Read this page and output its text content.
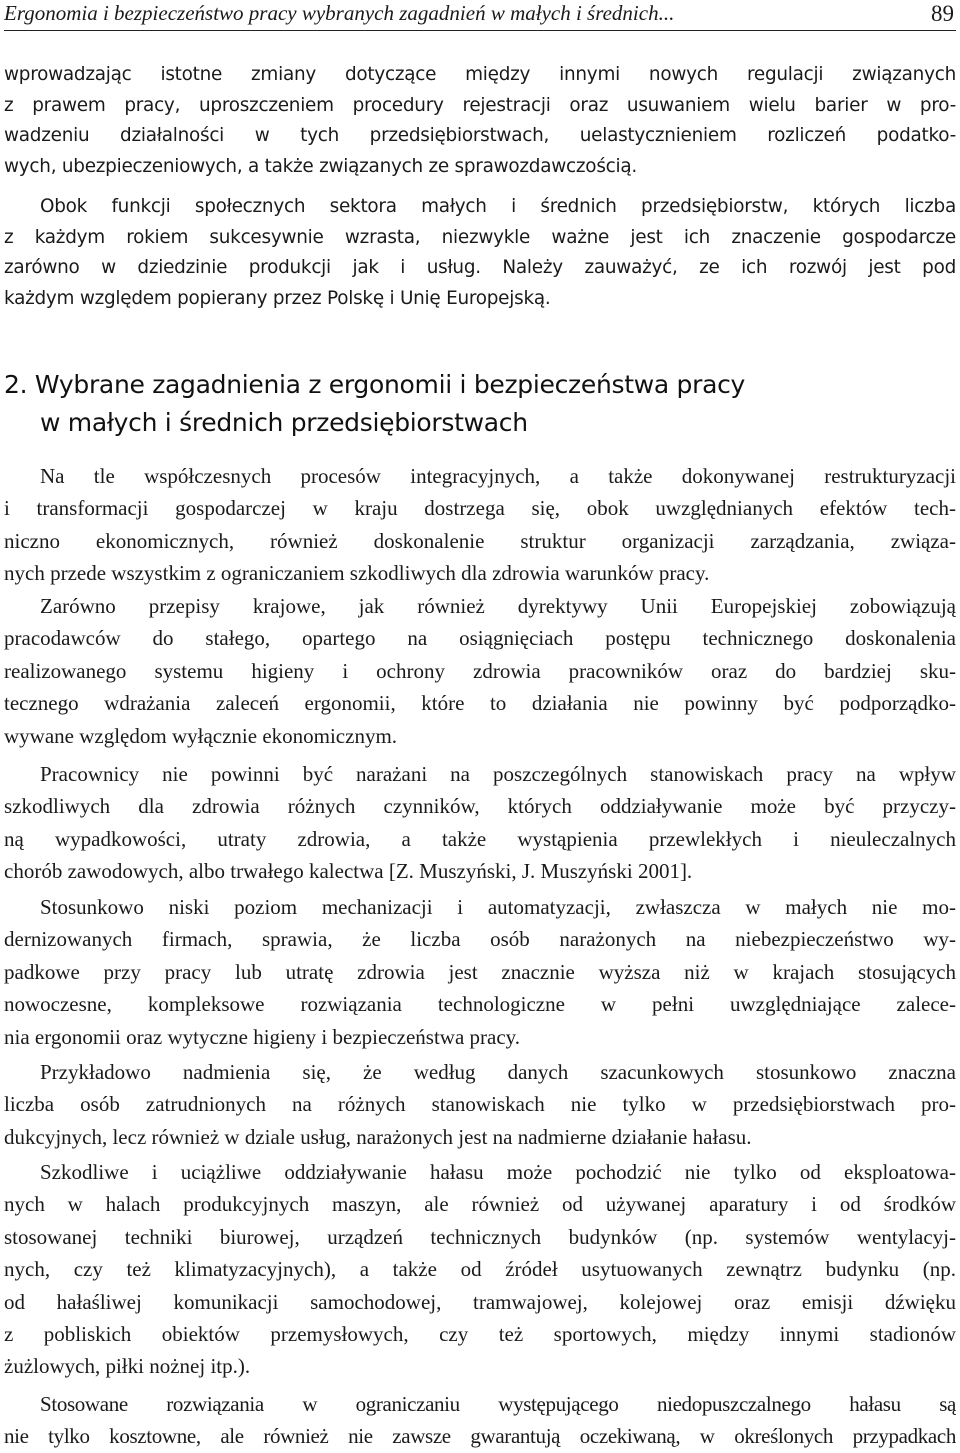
Ergonomia i bezpieczeństwo pracy wybranych zagadnień w małych i średnich...	89
wprowadzając istotne zmiany dotyczące między innymi nowych regulacji związanych
z prawem pracy, uproszczeniem procedury rejestracji oraz usuwaniem wielu barier w pro-
wadzeniu działalności w tych przedsiębiorstwach, uelastycznieniem rozliczeń podatko-
wych, ubezpieczeniowych, a także związanych ze sprawozdawczością.
Obok funkcji społecznych sektora małych i średnich przedsiębiorstw, których liczba
z każdym rokiem sukcesywnie wzrasta, niezwykle ważne jest ich znaczenie gospodarcze
zarówno w dziedzinie produkcji jak i usług. Należy zauważyć, ze ich rozwój jest pod
każdym względem popierany przez Polskę i Unię Europejską.
2. Wybrane zagadnienia z ergonomii i bezpieczeństwa pracy
w małych i średnich przedsiębiorstwach
Na tle współczesnych procesów integracyjnych, a także dokonywanej restrukturyzacji
i transformacji gospodarczej w kraju dostrzega się, obok uwzględnianych efektów tech-
niczno ekonomicznych, również doskonalenie struktur organizacji zarządzania, związa-
nych przede wszystkim z ograniczaniem szkodliwych dla zdrowia warunków pracy.
Zarówno przepisy krajowe, jak również dyrektywy Unii Europejskiej zobowiązują
pracodawców do stałego, opartego na osiągnięciach postępu technicznego doskonalenia
realizowanego systemu higieny i ochrony zdrowia pracowników oraz do bardziej sku-
tecznego wdrażania zaleceń ergonomii, które to działania nie powinny być podporządko-
wywane względom wyłącznie ekonomicznym.
Pracownicy nie powinni być narażani na poszczególnych stanowiskach pracy na wpływ
szkodliwych dla zdrowia różnych czynników, których oddziaływanie może być przyczy-
ną wypadkowości, utraty zdrowia, a także wystąpienia przewlekłych i nieuleczalnych
chorób zawodowych, albo trwałego kalectwa [Z. Muszyński, J. Muszyński 2001].
Stosunkowo niski poziom mechanizacji i automatyzacji, zwłaszcza w małych nie mo-
dernizowanych firmach, sprawia, że liczba osób narażonych na niebezpieczeństwo wy-
padkowe przy pracy lub utratę zdrowia jest znacznie wyższa niż w krajach stosujących
nowoczesne, kompleksowe rozwiązania technologiczne w pełni uwzględniające zalece-
nia ergonomii oraz wytyczne higieny i bezpieczeństwa pracy.
Przykładowo nadmienia się, że według danych szacunkowych stosunkowo znaczna
liczba osób zatrudnionych na różnych stanowiskach nie tylko w przedsiębiorstwach pro-
dukcyjnych, lecz również w dziale usług, narażonych jest na nadmierne działanie hałasu.
Szkodliwe i uciążliwe oddziaływanie hałasu może pochodzić nie tylko od eksploatowa-
nych w halach produkcyjnych maszyn, ale również od używanej aparatury i od środków
stosowanej techniki biurowej, urządzeń technicznych budynków (np. systemów wentylacyj-
nych, czy też klimatyzacyjnych), a także od źródeł usytuowanych zewnątrz budynku (np.
od hałaśliwej komunikacji samochodowej, tramwajowej, kolejowej oraz emisji dźwięku
z pobliskich obiektów przemysłowych, czy też sportowych, między innymi stadionów
żużlowych, piłki nożnej itp.).
Stosowane rozwiązania w ograniczaniu występującego niedopuszczalnego hałasu są
nie tylko kosztowne, ale również nie zawsze gwarantują oczekiwaną, w określonych przypadkach
